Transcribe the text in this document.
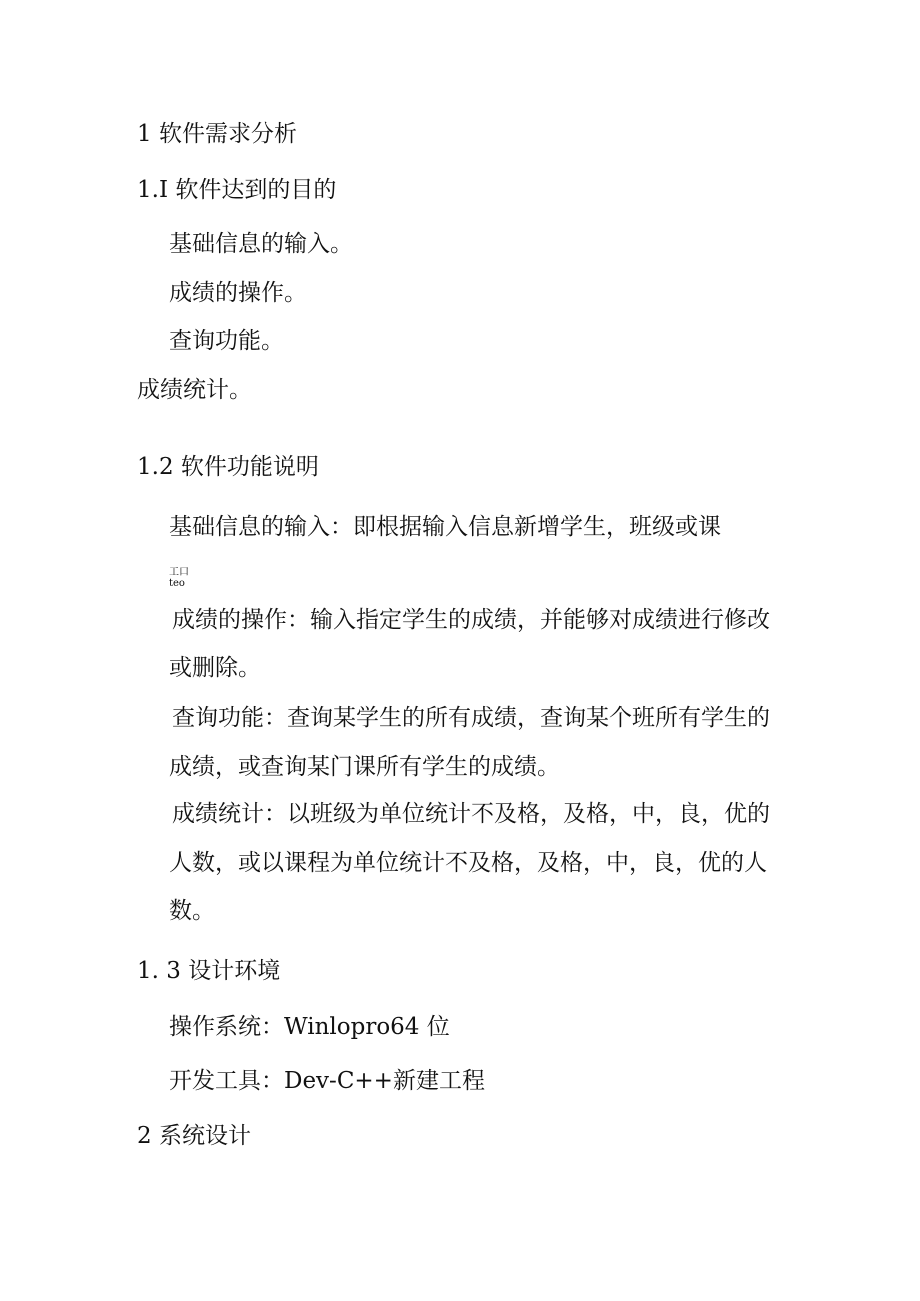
1 软件需求分析
1.I 软件达到的目的
基础信息的输入。
成绩的操作。
查询功能。
成绩统计。
1.2 软件功能说明
基础信息的输入：即根据输入信息新增学生，班级或课
工口
teo
成绩的操作：输入指定学生的成绩，并能够对成绩进行修改
或删除。
查询功能：查询某学生的所有成绩，查询某个班所有学生的
成绩，或查询某门课所有学生的成绩。
成绩统计：以班级为单位统计不及格，及格，中，良，优的
人数，或以课程为单位统计不及格，及格，中，良，优的人
数。
1. 3 设计环境
操作系统：Winlopro64 位
开发工具：Dev-C++新建工程
2 系统设计
